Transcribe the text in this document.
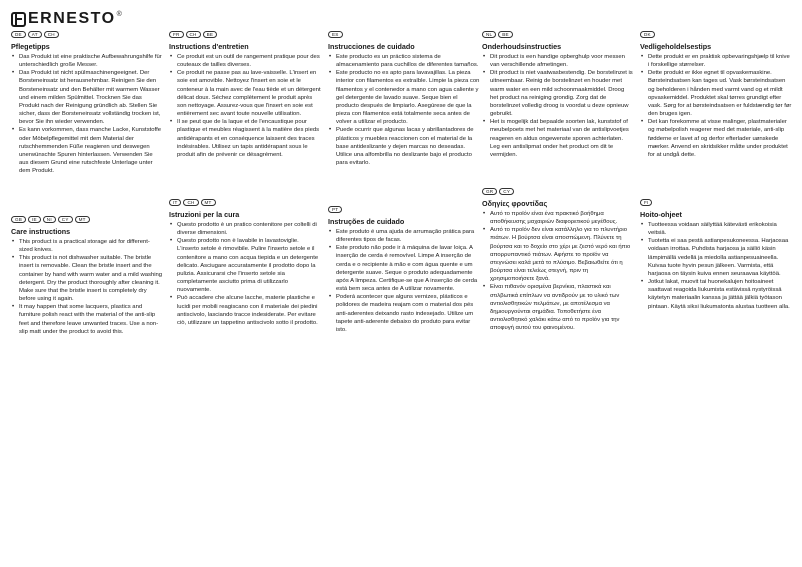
ERNESTO ®
DE	AT	CH
Pflegetipps
• Das Produkt ist eine praktische Aufbewahrungshilfe für unterschiedlich große Messer.
• Das Produkt ist nicht spülmaschinengeeignet. Der Borsteneinsatz ist herausnehmbar. Reinigen Sie den Borsteneinsatz und den Behälter mit warmem Wasser und einem milden Spülmittel. Trocknen Sie das Produkt nach der Reinigung gründlich ab. Stellen Sie sicher, dass der Borsteneinsatz vollständig trocken ist, bevor Sie ihn wieder verwenden.
• Es kann vorkommen, dass manche Lacke, Kunststoffe oder Möbelpflegemittel mit dem Material der rutschhemmenden Füße reagieren und deswegen unerwünschte Spuren hinterlassen. Verwenden Sie aus diesem Grund eine rutschfeste Unterlage unter dem Produkt.
GB	IE	NI	CY	MT
Care instructions
• This product is a practical storage aid for different-sized knives.
• This product is not dishwasher suitable. The bristle insert is removable. Clean the bristle insert and the container by hand with warm water and a mild washing detergent. Dry the product thoroughly after cleaning it. Make sure that the bristle insert is completely dry before using it again.
• It may happen that some lacquers, plastics and furniture polish react with the material of the anti-slip feet and therefore leave unwanted traces. Use a non-slip matt under the product to avoid this.
FR	CH	BE
Instructions d'entretien
• Ce produit est un outil de rangement pratique pour des couteaux de tailles diverses.
• Ce produit ne passe pas au lave-vaisselle. L'insert en soie est amovible. Nettoyez l'insert en soie et le conteneur à la main avec de l'eau tiède et un détergent délicat doux. Séchez complètement le produit après son nettoyage. Assurez-vous que l'insert en soie est entièrement sec avant toute nouvelle utilisation.
• Il se peut que de la laque et de l'encaustique pour plastique et meubles réagissent à la matière des pieds antidérapants et en conséquence laissent des traces indésirables. Utilisez un tapis antidérapant sous le produit afin de prévenir ce désagrément.
IT	CH	MT
Istruzioni per la cura
• Questo prodotto è un pratico contenitore per coltelli di diverse dimensioni.
• Questo prodotto non è lavabile in lavastoviglie. L'inserto setole è rimovibile. Pulire l'inserto setole e il contenitore a mano con acqua tiepida e un detergente delicato. Asciugare accuratamente il prodotto dopo la pulizia. Assicurarsi che l'inserto setole sia completamente asciutto prima di utilizzarlo nuovamente.
• Può accadere che alcune lacche, materie plastiche e lucidi per mobili reagiscano con il materiale dei piedini antiscivolo, lasciando tracce indesiderate. Per evitare ciò, utilizzare un tappetino antiscivolo sotto il prodotto.
ES
Instrucciones de cuidado
• Este producto es un práctico sistema de almacenamiento para cuchillos de diferentes tamaños.
• Este producto no es apto para lavavajillas. La pieza interior con filamentos es extraíble. Limpie la pieza con filamentos y el contenedor a mano con agua caliente y gel detergente de lavado suave. Seque bien el producto después de limpiarlo. Asegúrese de que la pieza con filamentos está totalmente seca antes de volver a utilizar el producto.
• Puede ocurrir que algunas lacas y abrillantadores de plásticos y muebles reaccionen con el material de la base antideslizante y dejen marcas no deseadas. Utilice una alfombrilla no deslizante bajo el producto para evitarlo.
PT
Instruções de cuidado
• Este produto é uma ajuda de arrumação prática para diferentes tipos de facas.
• Este produto não pode ir à máquina de lavar loiça. A inserção de cerda é removível. Limpe A inserção de cerda e o recipiente à mão e com água quente e um detergente suave. Seque o produto adequadamente após A limpeza. Certifique-se que A inserção de cerda está bem seca antes de A utilizar novamente.
• Poderá acontecer que alguns vernizes, plásticos e polidores de madeira reajam com o material dos pés anti-aderentes deixando rasto indesejado. Utilize um tapete anti-aderente debaixo do produto para evitar isto.
NL	BE
Onderhoudsinstructies
• Dit product is een handige opberghulp voor messen van verschillende afmetingen.
• Dit product is niet vaatwasbestendig. De borstelinzet is uitneembaar. Reinig de borstelinzet en houder met warm water en een mild schoonmaakmiddel. Droog het product na reiniging grondig. Zorg dat de borstelinzet volledig droog is voordat u deze opnieuw gebruikt.
• Het is mogelijk dat bepaalde soorten lak, kunststof of meubelpoets met het materiaal van de antislipvoetjes reageren en aldus ongewenste sporen achterlaten. Leg een antislipmat onder het product om dit te vermijden.
GR	CY
Οδηγίες φροντίδας
• Αυτό το προϊόν είναι ένα πρακτικό βοήθημα αποθήκευσης μαχαιριών διαφορετικού μεγέθους.
• Αυτό το προϊόν δεν είναι κατάλληλο για το πλυντήριο πιάτων. Η βούρτσα είναι αποσπώμενη. Πλύνετε τη βούρτσα και το δοχείο στο χέρι με ζεστό νερό και ήπιο απορρυπαντικό πιάτων. Αφήστε το προϊόν να στεγνώσει καλά μετά το πλύσιμο. Βεβαιωθείτε ότι η βούρτσα είναι τελείως στεγνή, πριν τη χρησιμοποιήσετε ξανά.
• Είναι πιθανόν ορισμένα βερνίκια, πλαστικά και στιλβωτικά επίπλων να αντιδρούν με το υλικό των αντιολισθητικών πελμάτων, με αποτέλεσμα να δημιουργούνται σημάδια. Τοποθετήστε ένα αντιολισθητικό χαλάκι κάτω από το προϊόν για την αποφυγή αυτού του φαινομένου.
DK
Vedligeholdelsestips
• Dette produkt er en praktisk opbevaringshjælp til knive i forskellige størrelser.
• Dette produkt er ikke egnet til opvaskemaskine. Børsteindsatsen kan tages ud. Vask børsteindsatsen og beholderen i hånden med varmt vand og et mildt opvaskemiddel. Produktet skal tørres grundigt efter vask. Sørg for at børsteindsatsen er fuldstændig tør før den bruges igen.
• Det kan forekomme at visse malinger, plastmaterialer og møbelpolish reagerer med det materiale, anti-slip fødderne er lavet af og derfor efterlader uønskede mærker. Anvend en skridsikker måtte under produktet for at undgå dette.
FI
Hoito-ohjeet
• Tuotteessa voidaan säilyttää kätevästi erikokoisia veitsiä.
• Tuotetta ei saa pestä astianpesukoneessa. Harjaosaa voidaan irrottaa. Puhdista harjaosa ja säiliö käsin lämpimällä vedellä ja miedolla astianpesuaineella. Kuivaa tuote hyvin pesun jälkeen. Varmista, että harjaosa on täysin kuiva ennen seuraavaa käyttöä.
• Jotkut lakat, muovit tai huonekalujen hoitoaineet saattavat reagoida liukumista estävissä nystyröissä käytetyn materiaalin kanssa ja jättää jälkiä työtason pintaan. Käytä siksi liukumatonta alustaa tuotteen alla.
